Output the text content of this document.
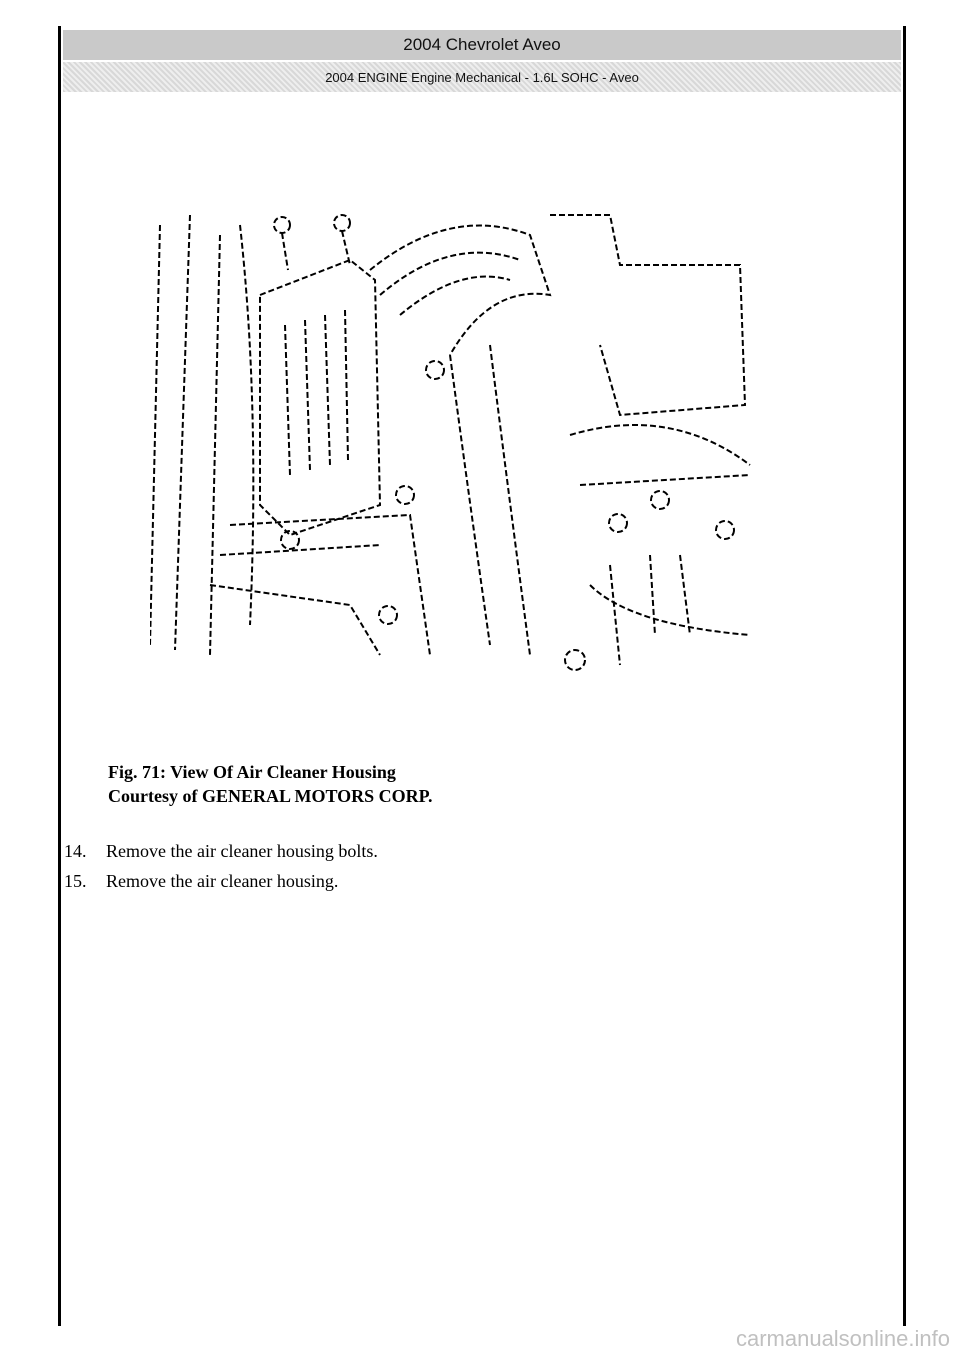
2004 Chevrolet Aveo
2004 ENGINE Engine Mechanical - 1.6L SOHC - Aveo
Fig. 71: View Of Air Cleaner Housing
Courtesy of GENERAL MOTORS CORP.
14.	Remove the air cleaner housing bolts.
15.	Remove the air cleaner housing.
carmanualsonline.info
